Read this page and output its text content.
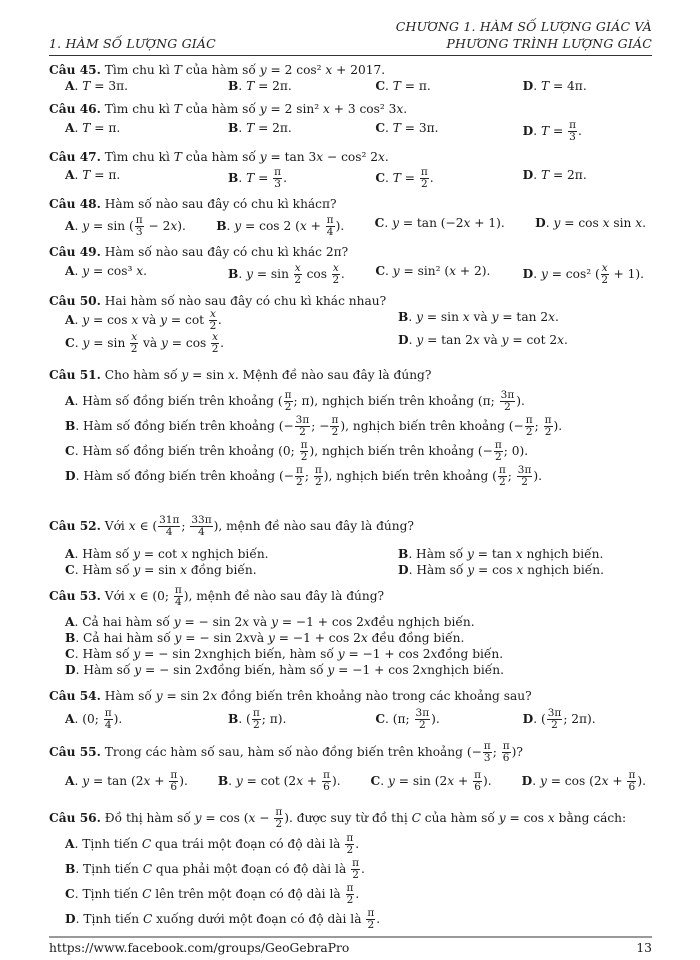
CHƯƠNG 1. HÀM SỐ LƯỢNG GIÁC VÀ
1. HÀM SỐ LƯỢNG GIÁC	PHƯƠNG TRÌNH LƯỢNG GIÁC
Câu 45. Tìm chu kì T của hàm số y = 2 cos² x + 2017.
A. T = 3π.	B. T = 2π.	C. T = π.	D. T = 4π.
Câu 46. Tìm chu kì T của hàm số y = 2 sin² x + 3 cos² 3x.
A. T = π.	B. T = 2π.	C. T = 3π.	D. $T = \frac{\pi}{3}$ .
Câu 47. Tìm chu kì T của hàm số y = tan 3x − cos² 2x.
A. T = π.	B. $T = \frac{\pi}{3}$ .	C. $T = \frac{\pi}{2}$ .	D. T = 2π.
Câu 48. Hàm số nào sau đây có chu kì khácπ?
A. y = sin ( $\frac{\pi}{3} - 2x$). B. y = cos 2 ($x + \frac{\pi}{4}$ ). C. y = tan (−2x + 1). D. y = cos x sin x.
Câu 49. Hàm số nào sau đây có chu kì khác 2π?
A. y = cos³ x.	B. $y = \sin \frac{x}{2}$ $\cos \frac{x}{2}$ .	C. y = sin² (x + 2).	D. y = cos² ( $\frac{x}{2} + 1$).
Câu 50. Hai hàm số nào sau đây có chu kì khác nhau?
A. y = cos x và $y = \cot \frac{x}{2}$ .	B. y = sin x và y = tan 2x.
C. $y = \sin \frac{x}{2}$ và $y = \cos \frac{x}{2}$ .	D. y = tan 2x và y = cot 2x.
Câu 51. Cho hàm số y = sin x. Mệnh đề nào sau đây là đúng?
A. Hàm số đồng biến trên khoảng ( $\frac{\pi}{2}$ ; π), nghịch biến trên khoảng (π; $\frac{3\pi}{2}$ ).
B. Hàm số đồng biến trên khoảng (− $\frac{3\pi}{2}$ ; − $\frac{\pi}{2}$ ), nghịch biến trên khoảng (− $\frac{\pi}{2}$ ; $\frac{\pi}{2}$ ).
C. Hàm số đồng biến trên khoảng (0; $\frac{\pi}{2}$ ), nghịch biến trên khoảng (− $\frac{\pi}{2}$ ; 0).
D. Hàm số đồng biến trên khoảng (− $\frac{\pi}{2}$ ; $\frac{\pi}{2}$ ), nghịch biến trên khoảng ( $\frac{\pi}{2}$ ; $\frac{3\pi}{2}$ ).
Câu 52. Với x ∈ ( $\frac{31\pi}{4}$ ; $\frac{33\pi}{4}$ ), mệnh đề nào sau đây là đúng?
A. Hàm số y = cot x nghịch biến.	B. Hàm số y = tan x nghịch biến.
C. Hàm số y = sin x đồng biến.	D. Hàm số y = cos x nghịch biến.
Câu 53. Với x ∈ (0; $\frac{\pi}{4}$ ), mệnh đề nào sau đây là đúng?
A. Cả hai hàm số y = − sin 2x và y = −1 + cos 2xđều nghịch biến.
B. Cả hai hàm số y = − sin 2xvà y = −1 + cos 2x đều đồng biến.
C. Hàm số y = − sin 2xnghịch biến, hàm số y = −1 + cos 2xđồng biến.
D. Hàm số y = − sin 2xđồng biến, hàm số y = −1 + cos 2xnghịch biến.
Câu 54. Hàm số y = sin 2x đồng biến trên khoảng nào trong các khoảng sau?
A. (0; $\frac{\pi}{4}$ ).	B. ( $\frac{\pi}{2}$ ; π).	C. (π; $\frac{3\pi}{2}$ ).	D. ( $\frac{3\pi}{2}$ ; 2π).
Câu 55. Trong các hàm số sau, hàm số nào đồng biến trên khoảng (− $\frac{\pi}{3}$ ; $\frac{\pi}{6}$ )?
A. $y = \tan (2x + \frac{\pi}{6}$ ). B. $y = \cot (2x + \frac{\pi}{6}$ ). C. $y = \sin (2x + \frac{\pi}{6}$ ). D. $y = \cos (2x + \frac{\pi}{6}$ ).
Câu 56. Đồ thị hàm số $y = \cos (x - \frac{\pi}{2}$ ). được suy từ đồ thị C của hàm số y = cos x bằng cách:
A. Tịnh tiến C qua trái một đoạn có độ dài là $\frac{\pi}{2}$ .
B. Tịnh tiến C qua phải một đoạn có độ dài là $\frac{\pi}{2}$ .
C. Tịnh tiến C lên trên một đoạn có độ dài là $\frac{\pi}{2}$ .
D. Tịnh tiến C xuống dưới một đoạn có độ dài là $\frac{\pi}{2}$ .
https://www.facebook.com/groups/GeoGebraPro	13
